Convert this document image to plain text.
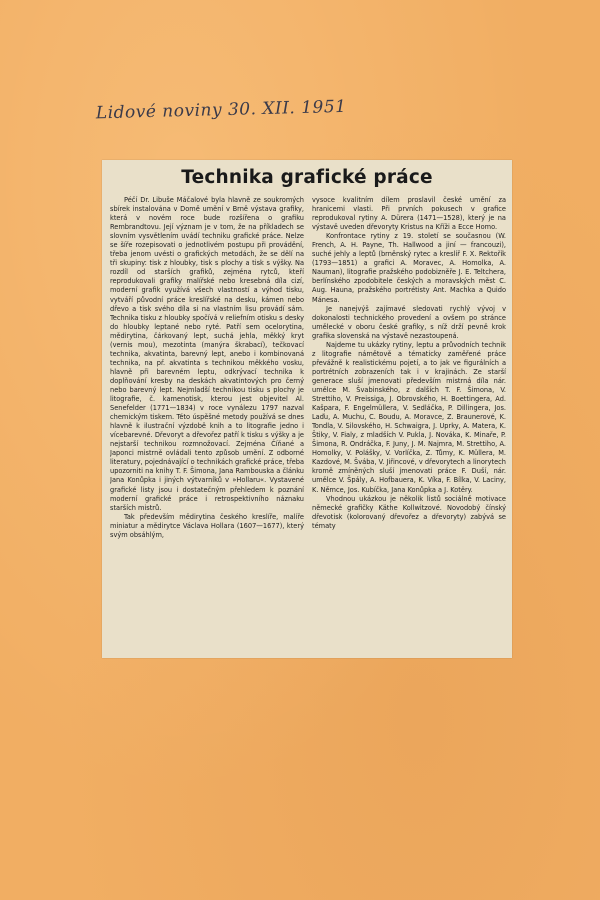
Lidové noviny 30. XII. 1951
Technika grafické práce

Péčí Dr. Libuše Máčalové byla hlavně ze soukromých sbírek instalována v Domě umění v Brně výstava grafiky, která v novém roce bude rozšířena o grafiku Rembrandtovu. Její význam je v tom, že na příkladech se slovním vysvětlením uvádí techniku grafické práce. Nelze se šíře rozepisovati o jednotlivém postupu při provádění, třeba jenom uvésti o grafických metodách, že se dělí na tři skupiny: tisk z hloubky, tisk s plochy a tisk s výšky. Na rozdíl od starších grafiků, zejména rytců, kteří reprodukovali grafiky malířské nebo kresebná díla cizí, moderní grafik využívá všech vlastností a výhod tisku, vytváří původní práce kreslířské na desku, kámen nebo dřevo a tisk svého díla si na vlastním lisu provádí sám. Technika tisku z hloubky spočívá v reliefním otisku s desky do hloubky leptané nebo ryté. Patří sem ocelorytina, mědirytina, čárkovaný lept, suchá jehla, měkký kryt (vernis mou), mezotinta (manýra škrabací), tečkovací technika, akvatinta, barevný lept, anebo i kombinovaná technika, na př. akvatinta s technikou měkkého vosku, hlavně při barevném leptu, odkrývací technika k doplňování kresby na deskách akvatintových pro černý nebo barevný lept. Nejmladší technikou tisku s plochy je litografie, č. kamenotisk, kterou jest objevitel Al. Senefelder (1771—1834) v roce vynálezu 1797 nazval chemickým tiskem. Této úspěšné metody používá se dnes hlavně k ilustrační výzdobě knih a to litografie jedno i vícebarevné. Dřevoryt a dřevořez patří k tisku s výšky a je nejstarší technikou rozmnožovací. Zejména Číňané a Japonci mistrně ovládali tento způsob umění. Z odborné literatury, pojednávající o technikách grafické práce, třeba upozorniti na knihy T. F. Šimona, Jana Rambouska a článku Jana Konůpka i jiných výtvarníků v »Hollaru«. Vystavené grafické listy jsou i dostatečným přehledem k poznání moderní grafické práce i retrospektivního náznaku starších mistrů.

Tak především mědirytina českého kreslíře, malíře miniatur a mědirytce Václava Hollara (1607—1677), který svým obsáhlým,

vysoce kvalitním dílem proslavil české umění za hranicemi vlasti. Při prvních pokusech v grafice reprodukoval rytiny A. Dürera (1471—1528), který je na výstavě uveden dřevoryty Kristus na Kříži a Ecce Homo.

Konfrontace rytiny z 19. století se současnou (W. French, A. H. Payne, Th. Hallwood a jiní — francouzi), suché jehly a leptů (brněnský rytec a kreslíř F. X. Rektořík (1793—1851) a grafici A. Moravec, A. Homolka, A. Nauman), litografie pražského podobizněře J. E. Teltchera, berlínského zpodobitele českých a moravských měst C. Aug. Hauna, pražského portrétisty Ant. Machka a Quido Mánesa.

Je nanejvýš zajímavé sledovati rychlý vývoj v dokonalosti technického provedení a ovšem po stránce umělecké v oboru české grafiky, s níž drží pevně krok grafika slovenská na výstavě nezastoupená.

Najdeme tu ukázky rytiny, leptu a průvodních technik z litografie námětově a tématicky zaměřené práce převážně k realistickému pojetí, a to jak ve figurálních a portrétních zobrazeních tak i v krajinách. Ze starší generace sluší jmenovati především mistrná díla nár. umělce M. Švabinského, z dalších T. F. Šimona, V. Strettiho, V. Preissiga, J. Obrovského, H. Boettingera, Ad. Kašpara, F. Engelmüllera, V. Sedláčka, P. Dillingera, Jos. Laďu, A. Muchu, C. Boudu, A. Moravce, Z. Braunerové, K. Tondla, V. Silovského, H. Schwaigra, J. Uprky, A. Matera, K. Štiky, V. Fialy, z mladších V. Pukla, J. Nováka, K. Minaře, P. Šimona, R. Ondráčka, F. Juny, J. M. Najmra, M. Strettiho, A. Homolky, V. Polášky, V. Vorlíčka, Z. Tůmy, K. Müllera, M. Kazdové, M. Švába, V. Jiřincové, v dřevorytech a linorytech kromě zmíněných sluší jmenovati práce F. Duší, nár. umělce V. Špály, A. Hofbauera, K. Víka, F. Bílka, V. Laciny, K. Němce, Jos. Kubíčka, Jana Konůpka a J. Kotěry.

Vhodnou ukázkou je několik listů sociálně motivace německé grafičky Käthe Kollwitzové. Novodobý čínský dřevotisk (kolorovaný dřevořez a dřevoryty) zabývá se tématy
